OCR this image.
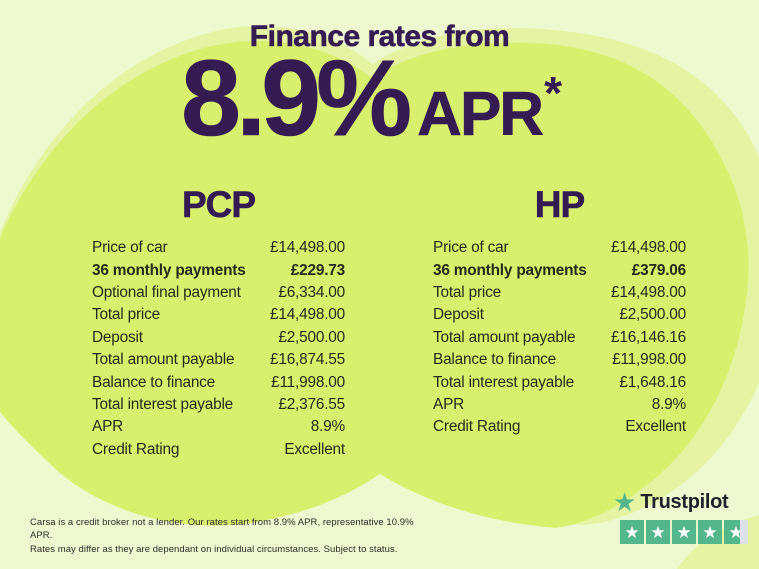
Finance rates from
8.9% APR *
PCP
Price of car	£14,498.00
36 monthly payments	£229.73
Optional final payment £6,334.00
Total price	£14,498.00
Deposit	£2,500.00
Total amount payable £16,874.55
Balance to finance	£11,998.00
Total interest payable	£2,376.55
APR	8.9%
Credit Rating	Excellent
HP
Price of car	£14,498.00
36 monthly payments	£379.06
Total price	£14,498.00
Deposit	£2,500.00
Total amount payable £16,146.16
Balance to finance	£11,998.00
Total interest payable	£1,648.16
APR	8.9%
Credit Rating	Excellent
Carsa is a credit broker not a lender. Our rates start from 8.9% APR, representative 10.9% APR.
Rates may differ as they are dependant on individual circumstances. Subject to status.
★ Trustpilot
★ ★ ★ ★ ★
